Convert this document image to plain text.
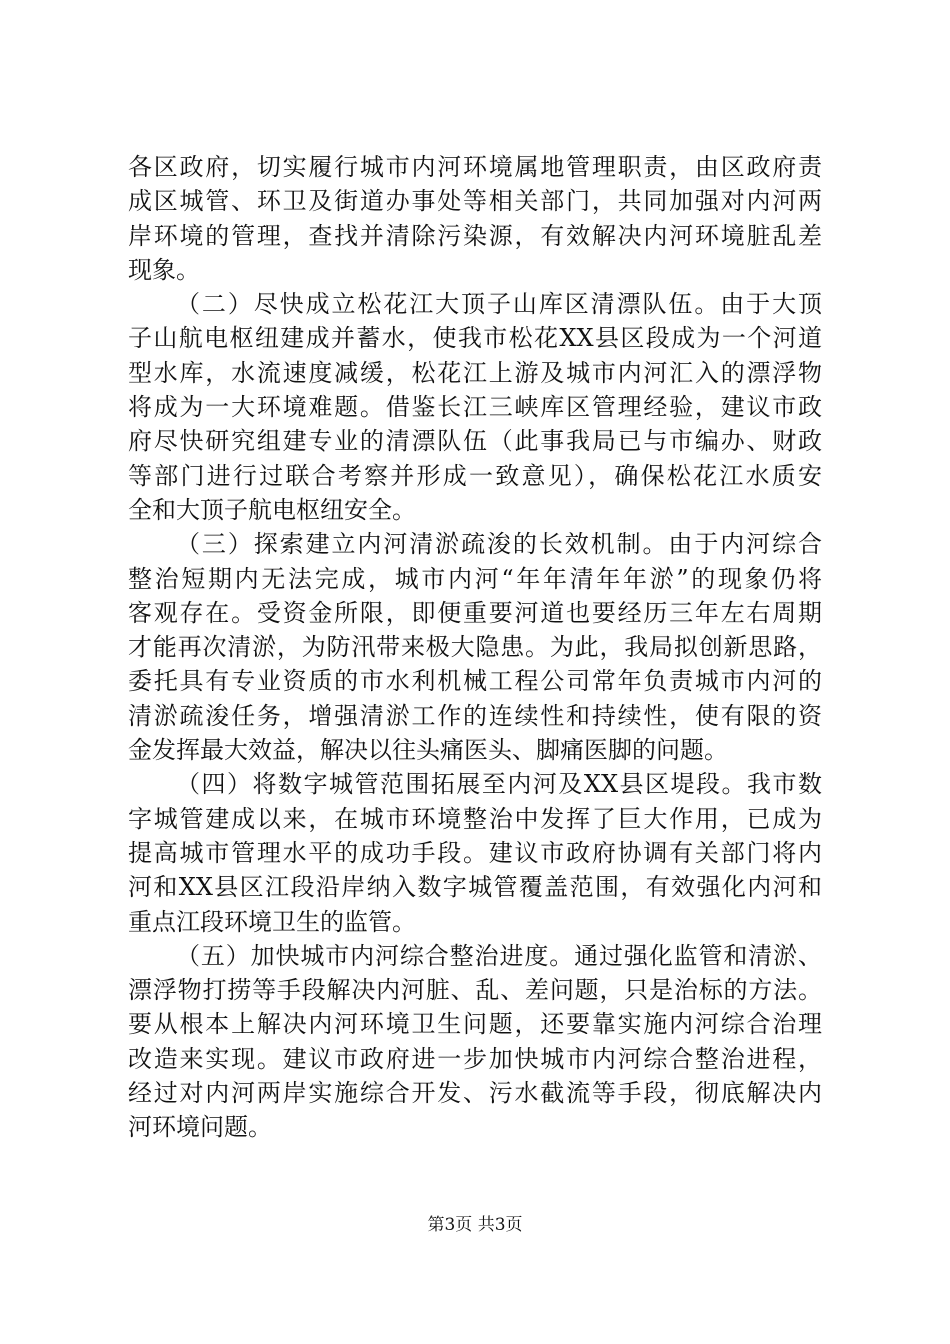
各区政府，切实履行城市内河环境属地管理职责，由区政府责
成区城管、环卫及街道办事处等相关部门，共同加强对内河两
岸环境的管理，查找并清除污染源，有效解决内河环境脏乱差
现象。
（二）尽快成立松花江大顶子山库区清漂队伍。由于大顶
子山航电枢纽建成并蓄水，使我市松花XX县区段成为一个河道
型水库，水流速度减缓，松花江上游及城市内河汇入的漂浮物
将成为一大环境难题。借鉴长江三峡库区管理经验，建议市政
府尽快研究组建专业的清漂队伍（此事我局已与市编办、财政
等部门进行过联合考察并形成一致意见），确保松花江水质安
全和大顶子航电枢纽安全。
（三）探索建立内河清淤疏浚的长效机制。由于内河综合
整治短期内无法完成，城市内河“年年清年年淤”的现象仍将
客观存在。受资金所限，即便重要河道也要经历三年左右周期
才能再次清淤，为防汛带来极大隐患。为此，我局拟创新思路，
委托具有专业资质的市水利机械工程公司常年负责城市内河的
清淤疏浚任务，增强清淤工作的连续性和持续性，使有限的资
金发挥最大效益，解决以往头痛医头、脚痛医脚的问题。
（四）将数字城管范围拓展至内河及XX县区堤段。我市数
字城管建成以来，在城市环境整治中发挥了巨大作用，已成为
提高城市管理水平的成功手段。建议市政府协调有关部门将内
河和XX县区江段沿岸纳入数字城管覆盖范围，有效强化内河和
重点江段环境卫生的监管。
（五）加快城市内河综合整治进度。通过强化监管和清淤、
漂浮物打捞等手段解决内河脏、乱、差问题，只是治标的方法。
要从根本上解决内河环境卫生问题，还要靠实施内河综合治理
改造来实现。建议市政府进一步加快城市内河综合整治进程，
经过对内河两岸实施综合开发、污水截流等手段，彻底解决内
河环境问题。
第3页 共3页
